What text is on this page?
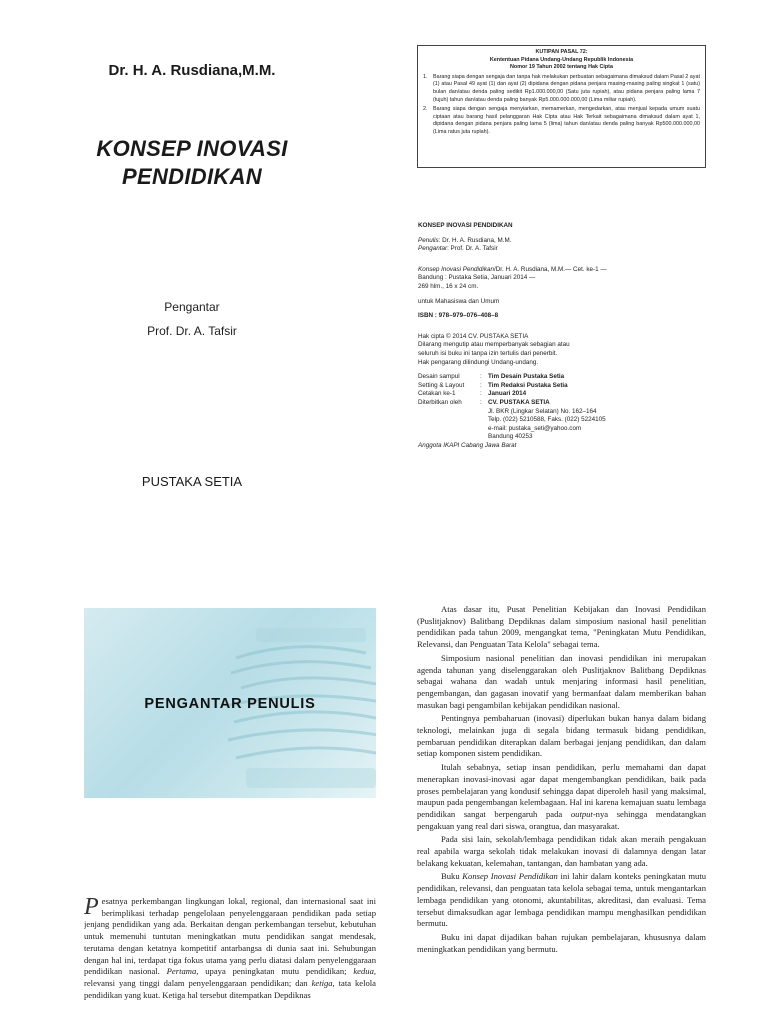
Dr. H. A. Rusdiana,M.M.
KONSEP INOVASI
PENDIDIKAN
Pengantar
Prof. Dr. A. Tafsir
PUSTAKA SETIA
KUTIPAN PASAL 72:
Kententuan Pidana Undang-Undang Republik Indonesia
Nomor 19 Tahun 2002 tentang Hak Cipta
1. Barang siapa dengan sengaja dan tanpa hak melakukan perbuatan sebagaimana dimaksud dalam Pasal 2 ayat (1) atau Pasal 49 ayat (1) dan ayat (2) dipidana dengan pidana penjara masing-masing paling singkat 1 (satu) bulan dan/atau denda paling sedikit Rp1.000.000,00 (Satu juta rupiah), atau pidana penjara paling lama 7 (tujuh) tahun dan/atau denda paling banyak Rp5.000.000.000,00 (Lima miliar rupiah).
2. Barang siapa dengan sengaja menyiarkan, memamerkan, mengedarkan, atau menjual kepada umum suatu ciptaan atau barang hasil pelanggaran Hak Cipta atau Hak Terkait sebagaimana dimaksud dalam ayat 1, dipidana dengan pidana penjara paling lama 5 (lima) tahun dan/atau denda paling banyak Rp500.000.000,00 (Lima ratus juta rupiah).
KONSEP INOVASI PENDIDIKAN
Penulis: Dr. H. A. Rusdiana, M.M.
Pengantar: Prof. Dr. A. Tafsir
Konsep Inovasi Pendidikan/Dr. H. A. Rusdiana, M.M.— Cet. ke-1 —
Bandung : Pustaka Setia, Januari 2014 —
269 hlm., 16 x 24 cm.
untuk Mahasiswa dan Umum
ISBN : 978–979–076–408–8
Hak cipta © 2014 CV. PUSTAKA SETIA
Dilarang mengutip atau memperbanyak sebagian atau
seluruh isi buku ini tanpa izin tertulis dari penerbit.
Hak pengarang dilindungi Undang-undang.
Desain sampul	: Tim Desain Pustaka Setia
Setting & Layout	: Tim Redaksi Pustaka Setia
Cetakan ke-1	: Januari 2014
Diterbitkan oleh	: CV. PUSTAKA SETIA
Jl. BKR (Lingkar Selatan) No. 162–164
Telp. (022) 5210588, Faks. (022) 5224105
e-mail: pustaka_seti@yahoo.com
Bandung 40253
Anggota IKAPI Cabang Jawa Barat
PENGANTAR PENULIS

Pesatnya perkembangan lingkungan lokal, regional, dan internasional saat ini berimplikasi terhadap pengelolaan penyelenggaraan pendidikan pada setiap jenjang pendidikan yang ada. Berkaitan dengan perkembangan tersebut, kebutuhan untuk memenuhi tuntutan meningkatkan mutu pendidikan sangat mendesak, terutama dengan ketatnya kompetitif antarbangsa di dunia saat ini. Sehubungan dengan hal ini, terdapat tiga fokus utama yang perlu diatasi dalam penyelenggaraan pendidikan nasional. Pertama, upaya peningkatan mutu pendidikan; kedua, relevansi yang tinggi dalam penyelenggaraan pendidikan; dan ketiga, tata kelola pendidikan yang kuat. Ketiga hal tersebut ditempatkan Depdiknas

Atas dasar itu, Pusat Penelitian Kebijakan dan Inovasi Pendidikan (Puslitjaknov) Balitbang Depdiknas dalam simposium nasional hasil penelitian pendidikan pada tahun 2009, mengangkat tema, "Peningkatan Mutu Pendidikan, Relevansi, dan Penguatan Tata Kelola" sebagai tema.

Simposium nasional penelitian dan inovasi pendidikan ini merupakan agenda tahunan yang diselenggarakan oleh Puslitjaknov Balitbang Depdiknas sebagai wahana dan wadah untuk menjaring informasi hasil penelitian, pengembangan, dan gagasan inovatif yang bermanfaat dalam memberikan bahan masukan bagi pengambilan kebijakan pendidikan nasional.

Pentingnya pembaharuan (inovasi) diperlukan bukan hanya dalam bidang teknologi, melainkan juga di segala bidang termasuk bidang pendidikan, pembaruan pendidikan diterapkan dalam berbagai jenjang pendidikan, dan dalam setiap komponen sistem pendidikan.

Itulah sebabnya, setiap insan pendidikan, perlu memahami dan dapat menerapkan inovasi-inovasi agar dapat mengembangkan pendidikan, baik pada proses pembelajaran yang kondusif sehingga dapat diperoleh hasil yang maksimal, maupun pada pengembangan kelembagaan. Hal ini karena kemajuan suatu lembaga pendidikan sangat berpengaruh pada output-nya sehingga mendatangkan pengakuan yang real dari siswa, orangtua, dan masyarakat.

Pada sisi lain, sekolah/lembaga pendidikan tidak akan meraih pengakuan real apabila warga sekolah tidak melakukan inovasi di dalamnya dengan latar belakang kekuatan, kelemahan, tantangan, dan hambatan yang ada.

Buku Konsep Inovasi Pendidikan ini lahir dalam konteks peningkatan mutu pendidikan, relevansi, dan penguatan tata kelola sebagai tema, untuk mengantarkan lembaga pendidikan yang otonomi, akuntabilitas, akreditasi, dan evaluasi. Tema tersebut dimaksudkan agar lembaga pendidikan mampu menghasilkan pendidikan bermutu.

Buku ini dapat dijadikan bahan rujukan pembelajaran, khususnya dalam meningkatkan pendidikan yang bermutu.
